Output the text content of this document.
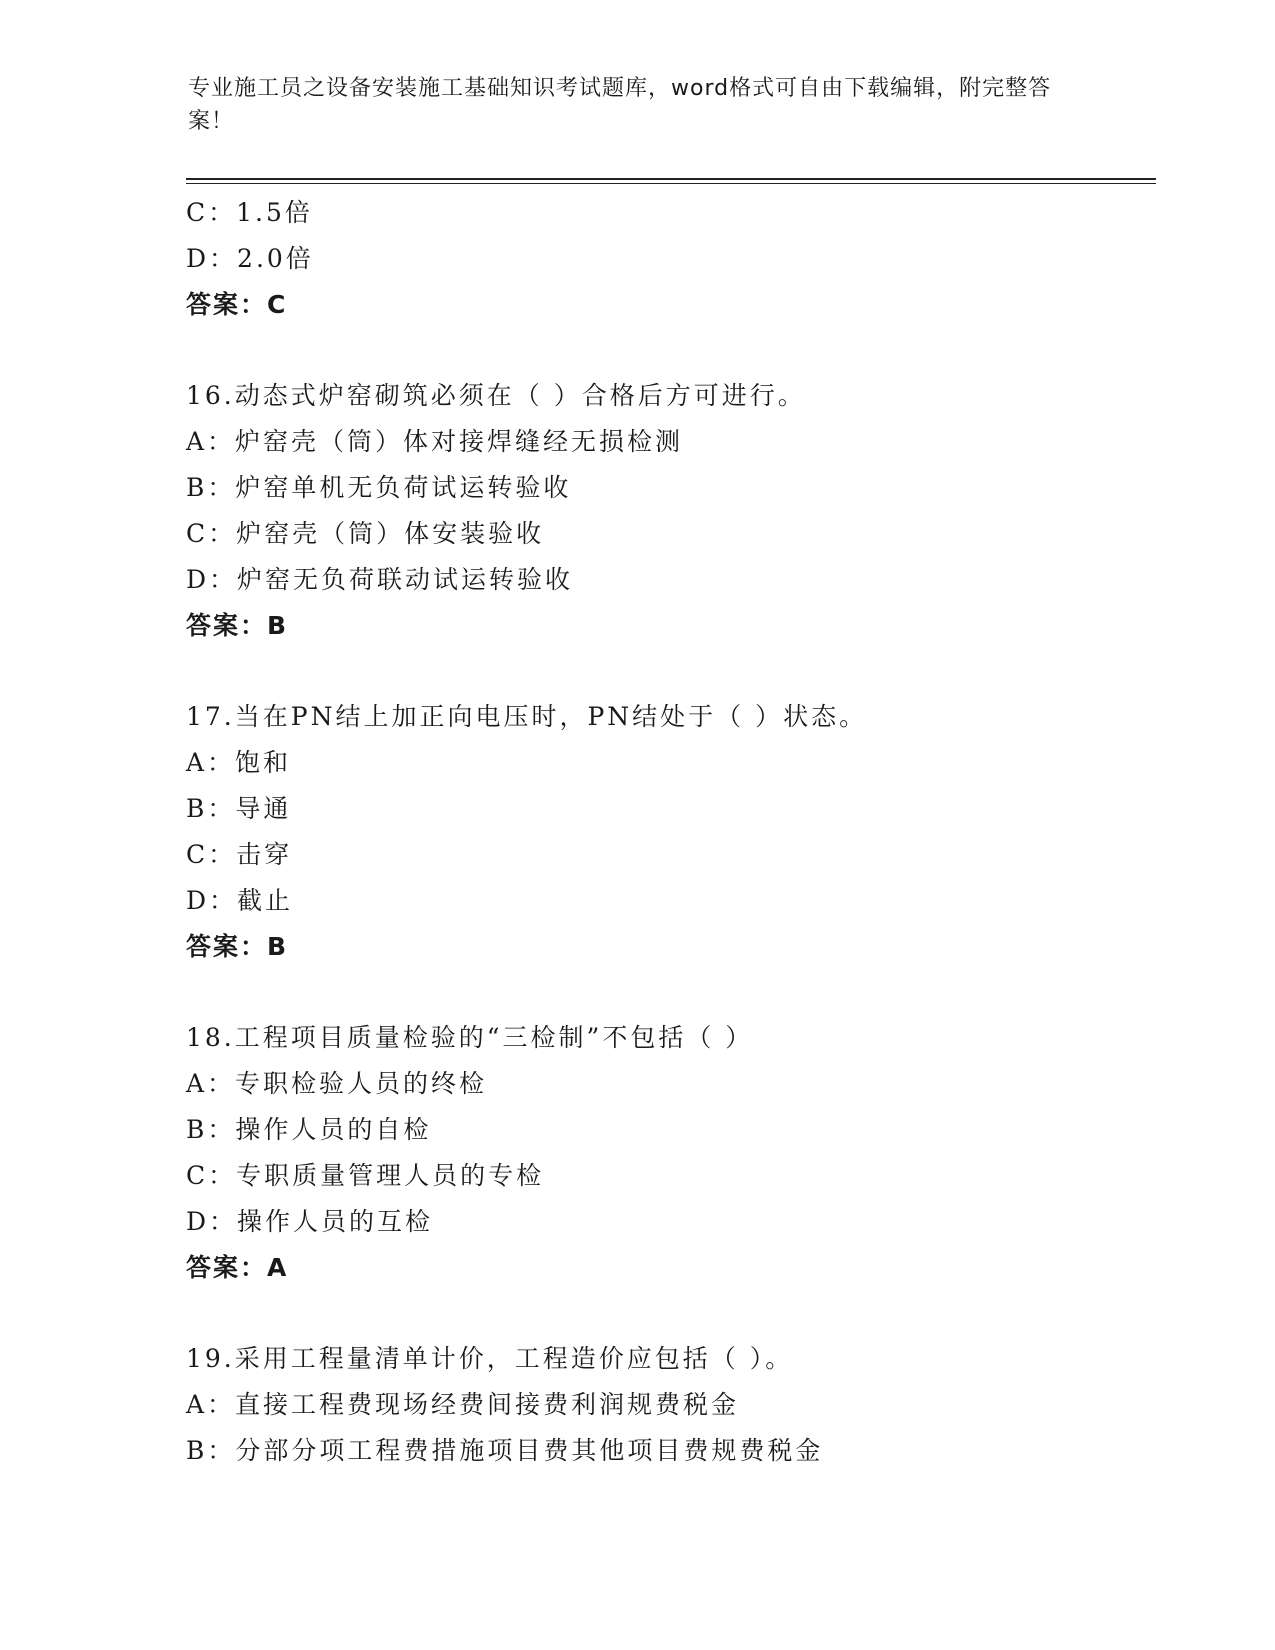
专业施工员之设备安装施工基础知识考试题库，word格式可自由下载编辑，附完整答案！
C：1.5倍
D：2.0倍
答案：C
16.动态式炉窑砌筑必须在（ ）合格后方可进行。
A：炉窑壳（筒）体对接焊缝经无损检测
B：炉窑单机无负荷试运转验收
C：炉窑壳（筒）体安装验收
D：炉窑无负荷联动试运转验收
答案：B
17.当在PN结上加正向电压时，PN结处于（ ）状态。
A：饱和
B：导通
C：击穿
D：截止
答案：B
18.工程项目质量检验的“三检制”不包括（ ）
A：专职检验人员的终检
B：操作人员的自检
C：专职质量管理人员的专检
D：操作人员的互检
答案：A
19.采用工程量清单计价，工程造价应包括（ ）。
A：直接工程费现场经费间接费利润规费税金
B：分部分项工程费措施项目费其他项目费规费税金
